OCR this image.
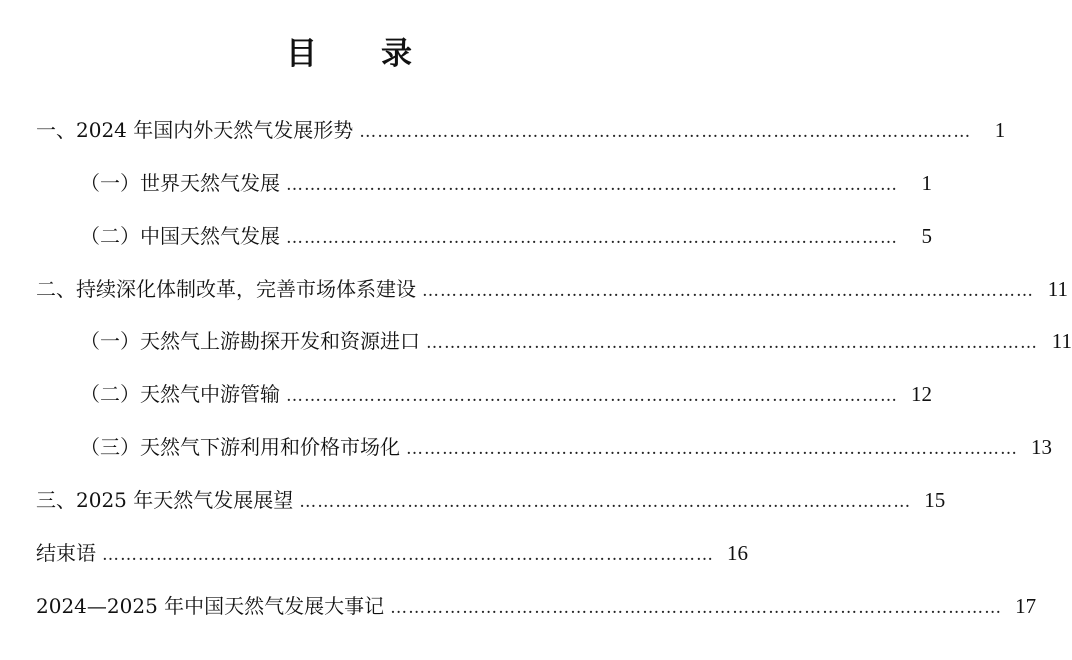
目 录
一、2024 年国内外天然气发展形势 …………………………………………………………………………………………	1
（一）世界天然气发展 …………………………………………………………………………………………	1
（二）中国天然气发展 …………………………………………………………………………………………	5
二、持续深化体制改革，完善市场体系建设 ………………………………………………………………………………………… 11
（一）天然气上游勘探开发和资源进口 ………………………………………………………………………………………… 11
（二）天然气中游管输 ………………………………………………………………………………………… 12
（三）天然气下游利用和价格市场化 ………………………………………………………………………………………… 13
三、2025 年天然气发展展望 ………………………………………………………………………………………… 15
结束语 ………………………………………………………………………………………… 16
2024—2025 年中国天然气发展大事记 ………………………………………………………………………………………… 17
